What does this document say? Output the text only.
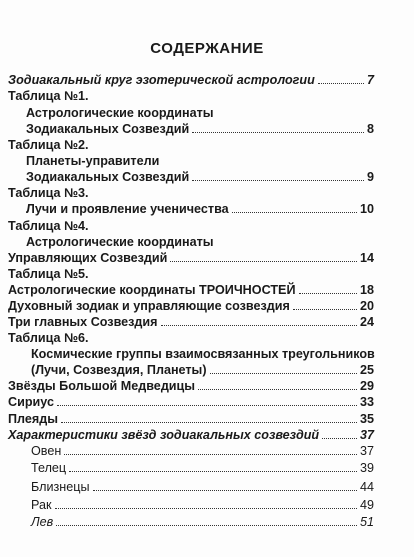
СОДЕРЖАНИЕ
Зодиакальный круг эзотерической астрологии	7
Таблица №1.
Астрологические координаты
Зодиакальных Созвездий	8
Таблица №2.
Планеты-управители
Зодиакальных Созвездий	9
Таблица №3.
Лучи и проявление ученичества	10
Таблица №4.
Астрологические координаты
Управляющих Созвездий	14
Таблица №5.
Астрологические координаты ТРОИЧНОСТЕЙ	18
Духовный зодиак и управляющие созвездия	20
Три главных Созвездия	24
Таблица №6.
Космические группы взаимосвязанных треугольников
(Лучи, Созвездия, Планеты)	25
Звёзды Большой Медведицы	29
Сириус	33
Плеяды	35
Характеристики звёзд зодиакальных созвездий	37
Овен	37
Телец	39
Близнецы	44
Рак	49
Лев	51
